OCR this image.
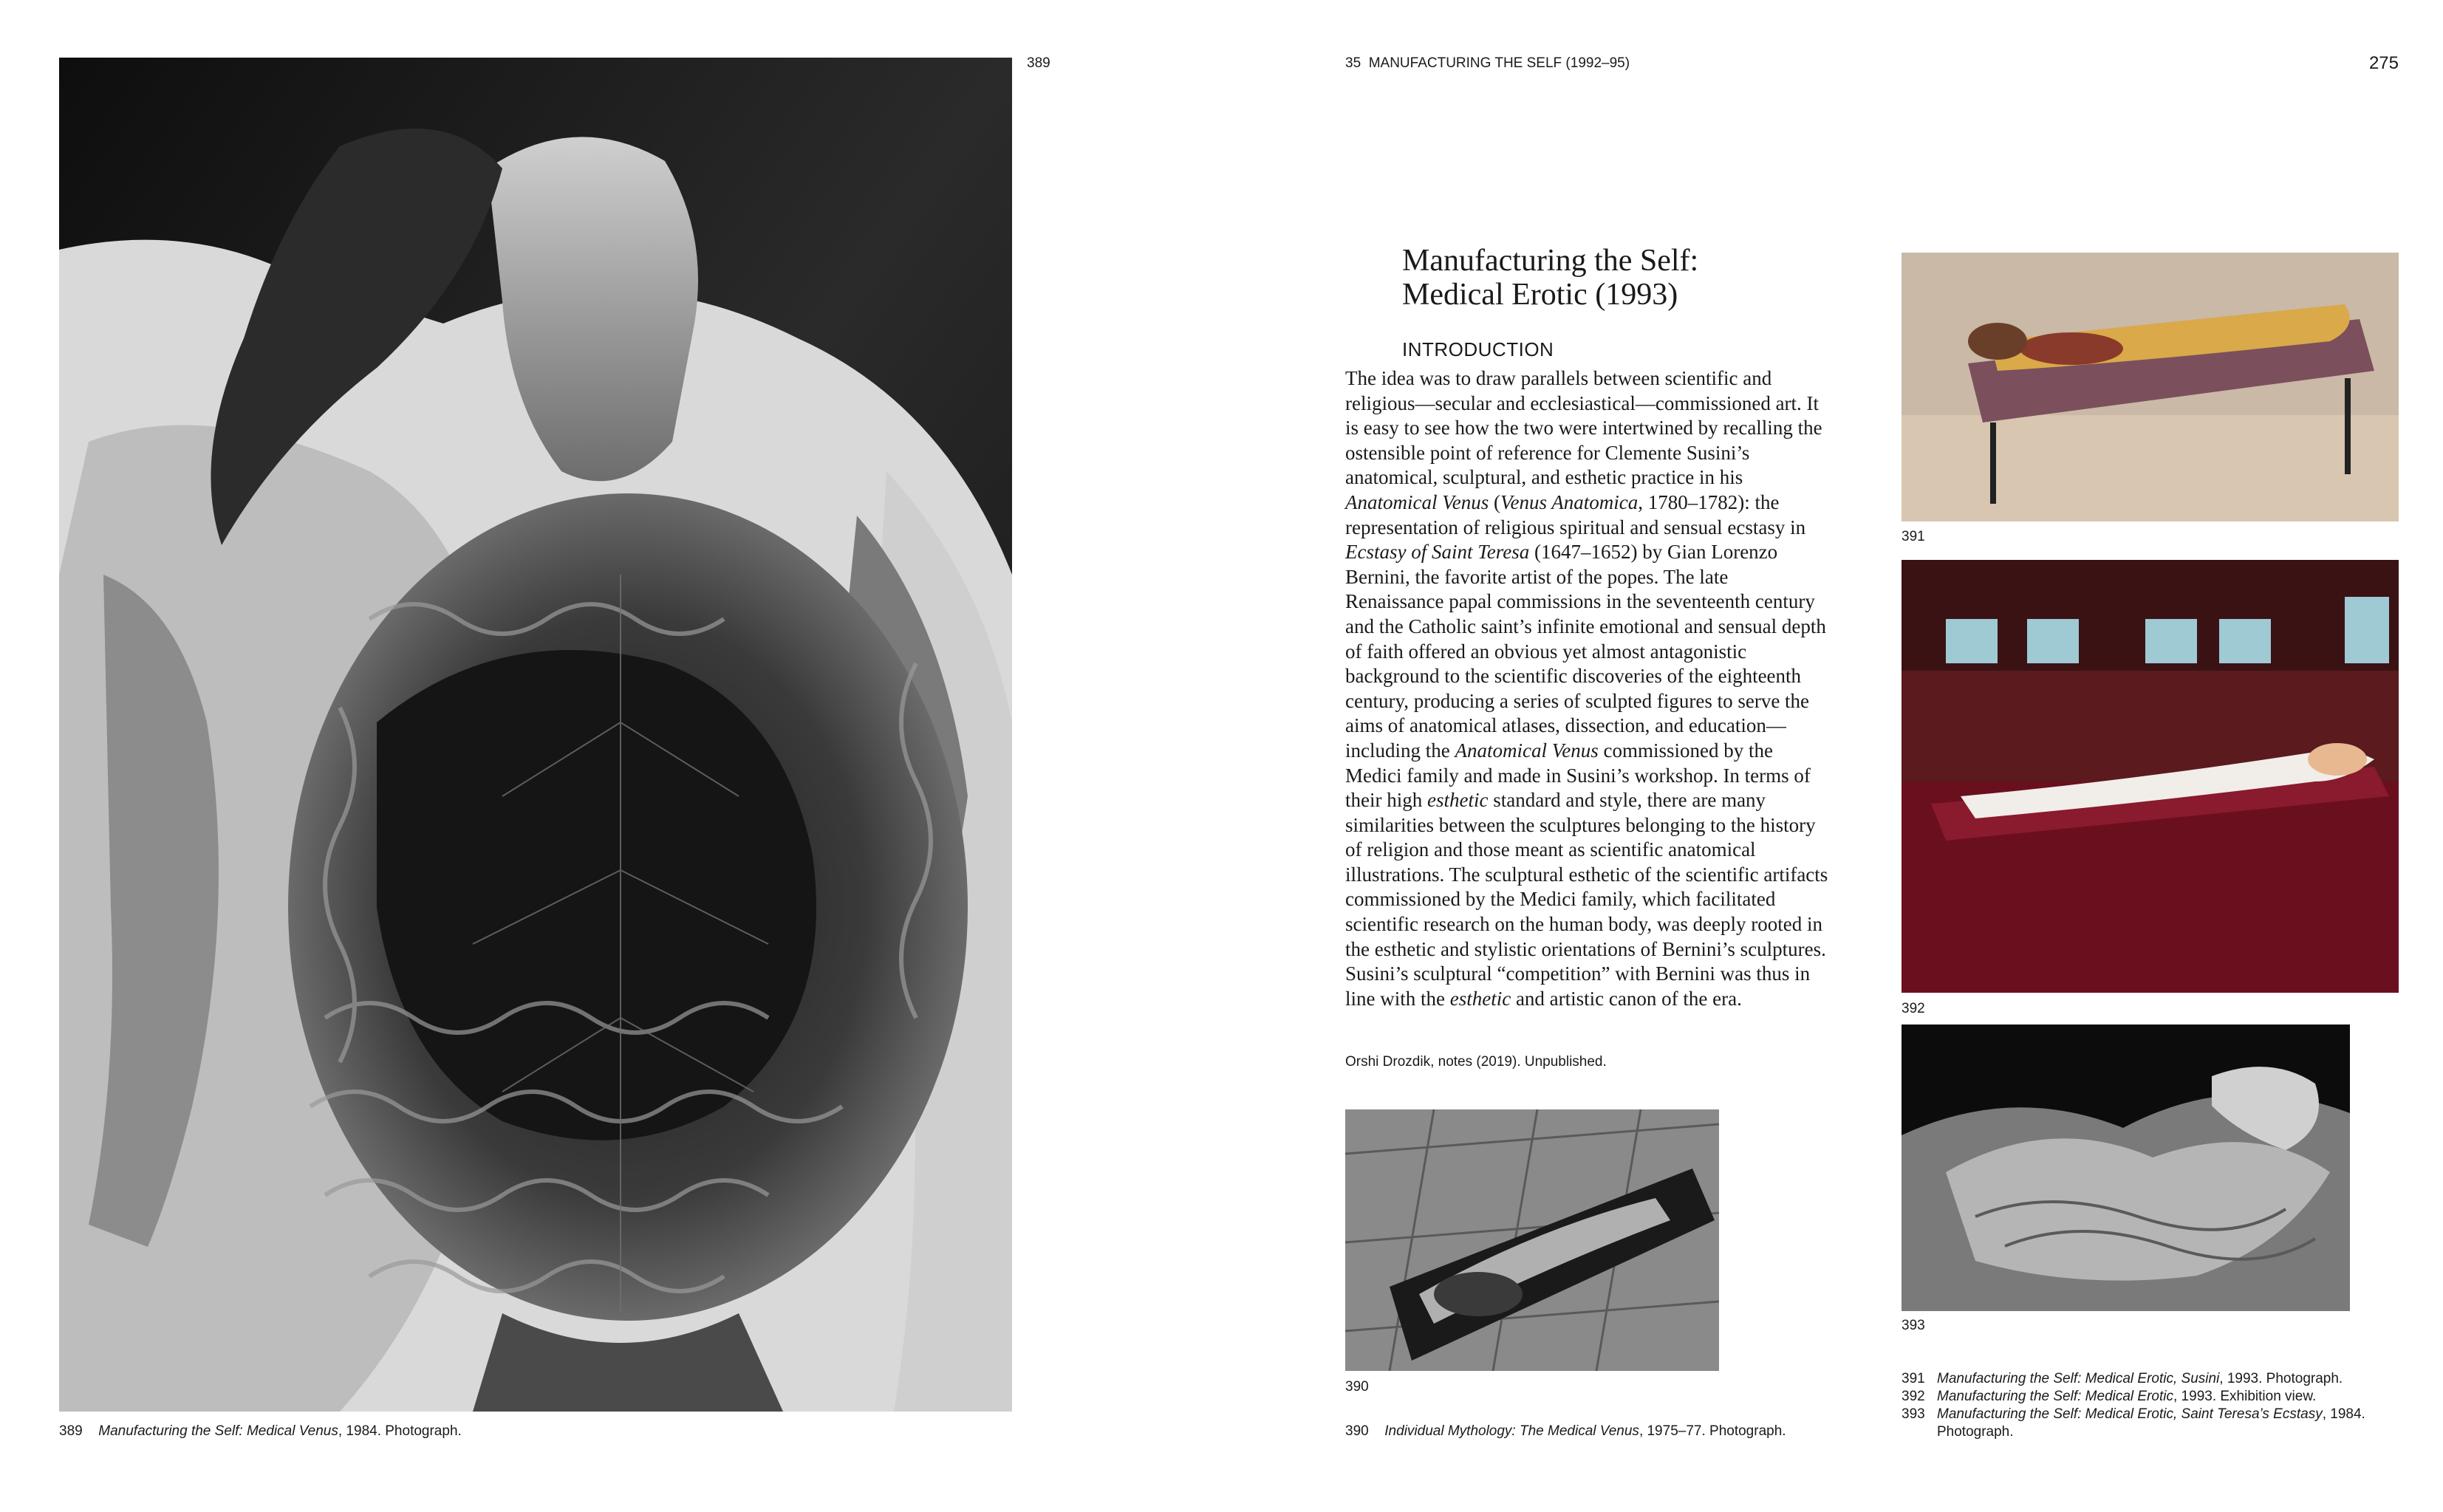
389
389 Manufacturing the Self: Medical Venus, 1984. Photograph.
35  MANUFACTURING THE SELF (1992–95)	275
Manufacturing the Self:
Medical Erotic (1993)
INTRODUCTION

The idea was to draw parallels between scientific and religious—secular and ecclesiastical—commissioned art. It is easy to see how the two were intertwined by recalling the ostensible point of reference for Clemente Susini’s anatomical, sculptural, and esthetic practice in his Anatomical Venus (Venus Anatomica, 1780–1782): the representation of religious spiritual and sensual ecstasy in Ecstasy of Saint Teresa (1647–1652) by Gian Lorenzo Bernini, the favorite artist of the popes. The late Renaissance papal commissions in the seventeenth century and the Catholic saint’s infinite emotional and sensual depth of faith offered an obvious yet almost antagonistic background to the scientific discoveries of the eighteenth century, producing a series of sculpted figures to serve the aims of anatomical atlases, dissection, and education—including the Anatomical Venus commissioned by the Medici family and made in Susini’s workshop. In terms of their high esthetic standard and style, there are many similarities between the sculptures belonging to the history of religion and those meant as scientific anatomical illustrations. The sculptural esthetic of the scientific artifacts commissioned by the Medici family, which facilitated scientific research on the human body, was deeply rooted in the esthetic and stylistic orientations of Bernini’s sculptures. Susini’s sculptural “competition” with Bernini was thus in line with the esthetic and artistic canon of the era.

Orshi Drozdik, notes (2019). Unpublished.
390
390 Individual Mythology: The Medical Venus, 1975–77. Photograph.
391
392
393
391 Manufacturing the Self: Medical Erotic, Susini, 1993. Photograph.
392 Manufacturing the Self: Medical Erotic, 1993. Exhibition view.
393 Manufacturing the Self: Medical Erotic, Saint Teresa’s Ecstasy, 1984. Photograph.
